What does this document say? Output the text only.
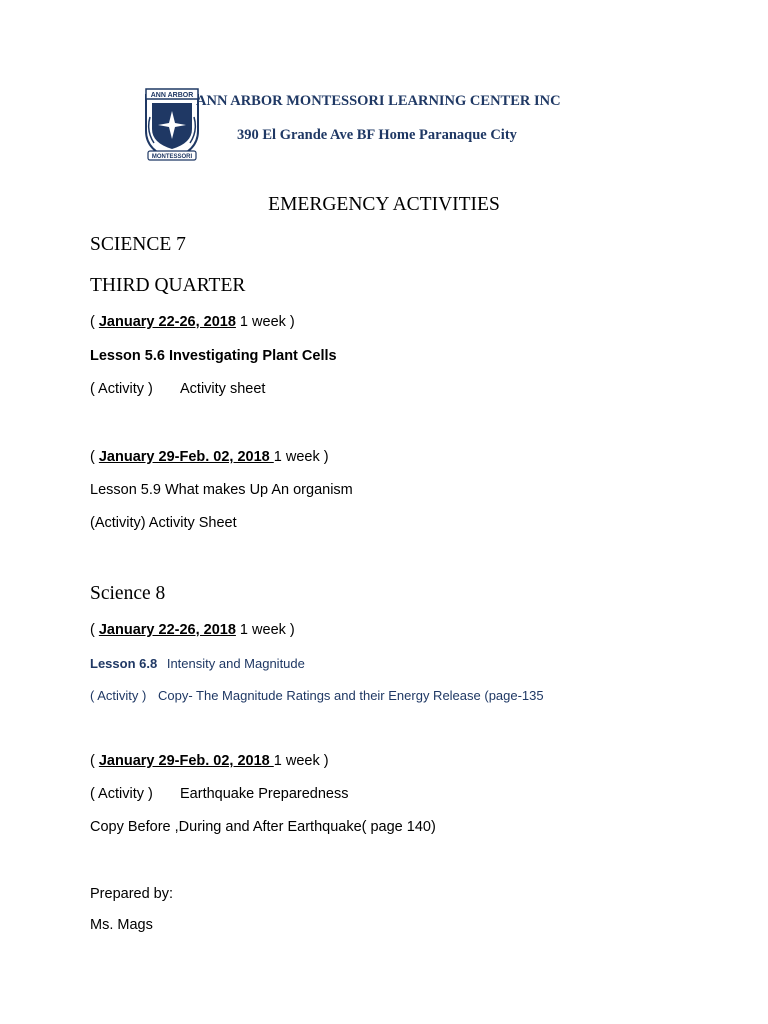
ANN ARBOR
MONTESSORI
ANN ARBOR MONTESSORI LEARNING CENTER INC
390 El Grande Ave BF Home Paranaque City
EMERGENCY ACTIVITIES
SCIENCE 7
THIRD QUARTER
( January 22-26, 2018 1 week )
Lesson 5.6 Investigating Plant Cells
( Activity ) Activity sheet
( January 29-Feb. 02, 2018 1 week )
Lesson 5.9 What makes Up An organism
(Activity) Activity Sheet
Science 8
( January 22-26, 2018 1 week )
Lesson 6.8 Intensity and Magnitude
( Activity ) Copy- The Magnitude Ratings and their Energy Release (page-135
( January 29-Feb. 02, 2018 1 week )
( Activity ) Earthquake Preparedness
Copy Before ,During and After Earthquake( page 140)
Prepared by:
Ms. Mags
